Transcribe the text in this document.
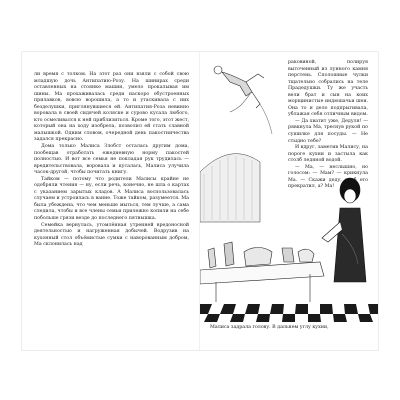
ли время с толком. На этот раз они взяли с собой свою младшую дочь Антипатию-Розу. На шинирах среди оставленных на стоянке машин, умело прокалывая им шины. Ма прохаживалась среди наскоро обустроенных прилавков, вовсю ворошила, а то и утаскивала с них безделушки, приглянувшиеся ей. Антипатия-Роза невинно воровала в своей сидячей коляске и сурово кусала любого, кто осмеливался к ней приблизиться. Кроме того, этот жест, который она на ходу изобрела, позволил ей стать славной малышкой. Одним словом, очередной день пакостничества задался прекрасно.

Дома только Малиса Злобст осталась другим дома, пообещав отработать ежедневную норму пакостей полностью. И вот все семья не покладая рук трудилась — вредительствовала, воровала и кусалась, Малиса улучила часок-другой, чтобы почитать книгу.

Тайком — потому что родители Малисы крайне не одобряли чтения — ну, если речь, конечно, не шла о картах с указанием зарытых кладов. А Малиса воспользовалась случаем и устроилась в ванне. Тоже тайком, разумеется. Ма была убеждена, что чем меньше мыться, тем лучше, а сама следила, чтобы и все члены семьи прилежно копили на себе побольше грязи везде до последнего пятнышка.

Семейка вернулась, утомлённая утренней вредоносной деятельностью и нагруженная добычей. Водрузив на кухонный стол объёмистые сумки с наворованным добром, Ма склонилась над

раковиной, полируя выточенный из лунного камня перстень. Сполошные чулки тщательно собрались на теле Прадедушки. Ту же участь вели брат и сын на коих морщинистые индюшачьи шеи. Она то и дело подпрыгивала, ублажая себя отличным видом.

— Да хватит уже, Дедуля! — рявкнула Ма, треснув рукой по сушилке для посуды. — Не стыдно тебе?

И вдруг, заметив Малису, на пороге кухни и застыла как столб ледяной водой.

— Ма, — неслышно, но голосом: — Мам? — крикнула Ма. — Скажи деду, чтоб его прекратил, а? Ма!

Малиса задрала голову. В дальнем углу кухни,
